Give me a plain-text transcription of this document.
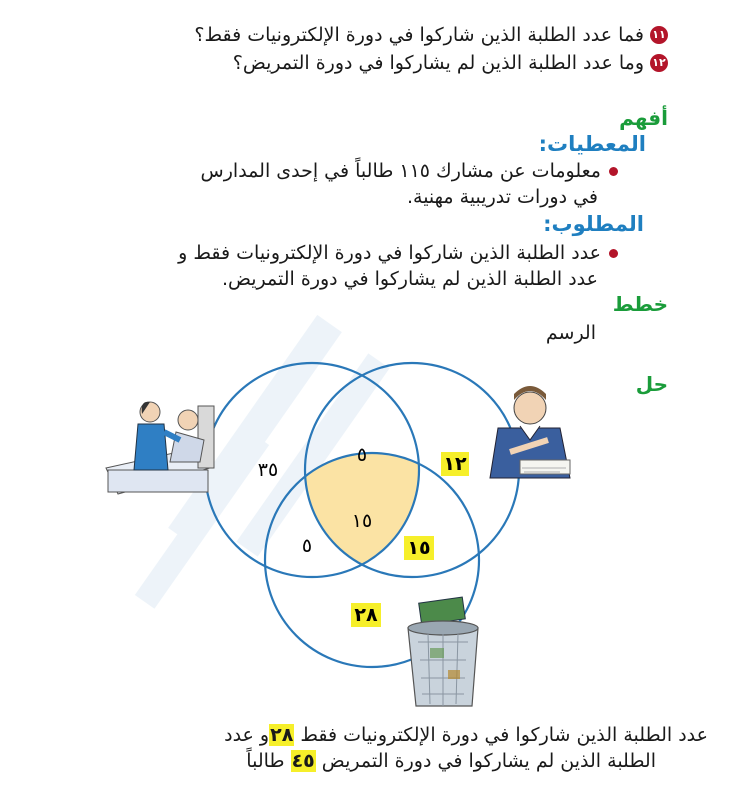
١١
فما عدد الطلبة الذين شاركوا في دورة الإلكترونيات فقط؟
١٢
وما عدد الطلبة الذين لم يشاركوا في دورة التمريض؟
أفهم
المعطيات:
معلومات عن مشارك ١١٥ طالباً في إحدى المدارس
في دورات تدريبية مهنية.
المطلوب:
عدد الطلبة الذين شاركوا في دورة الإلكترونيات فقط و
عدد الطلبة الذين لم يشاركوا في دورة التمريض.
خطط
الرسم
حل
٣٥
٥	١٢
١٥
٥	١٥
٢٨
عدد الطلبة الذين شاركوا في دورة الإلكترونيات فقط ٢٨و عدد
الطلبة الذين لم يشاركوا في دورة التمريض ٤٥ طالباً
